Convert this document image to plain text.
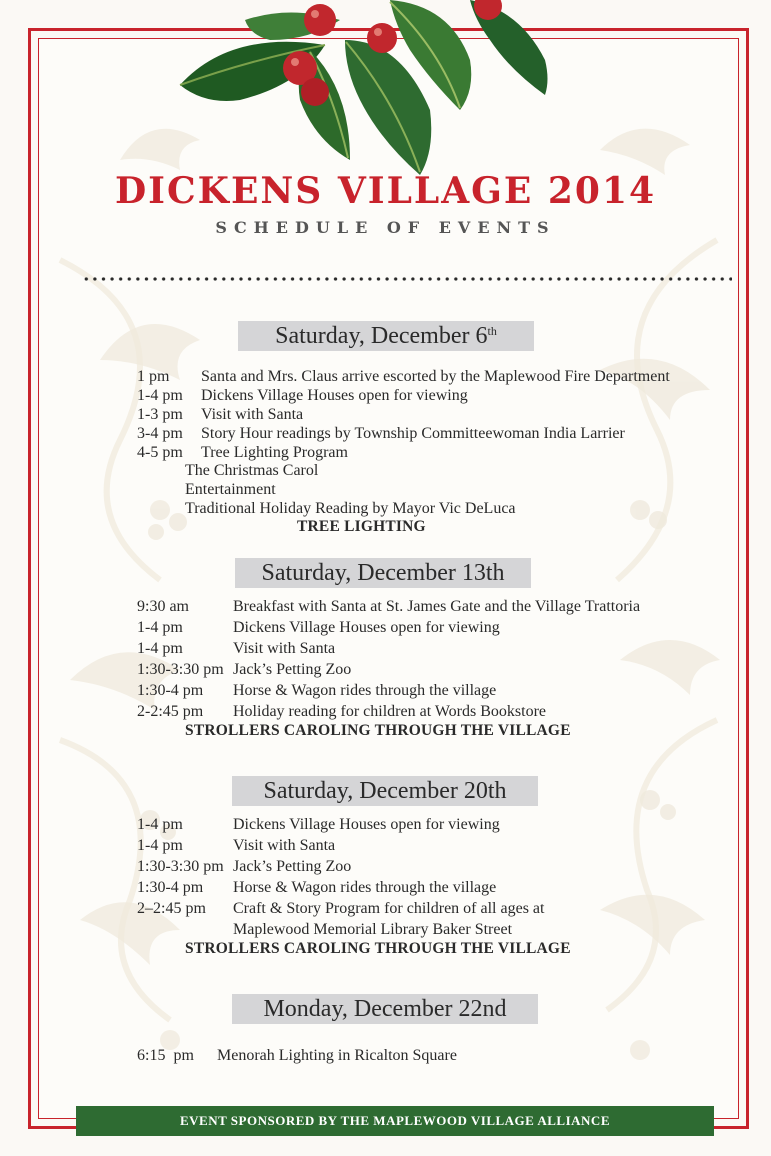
DICKENS VILLAGE 2014
SCHEDULE OF EVENTS
Saturday, December 6th
1 pm Santa and Mrs. Claus arrive escorted by the Maplewood Fire Department
1-4 pm Dickens Village Houses open for viewing
1-3 pm Visit with Santa
3-4 pm Story Hour readings by Township Committeewoman India Larrier
4-5 pm Tree Lighting Program
The Christmas Carol
Entertainment
Traditional Holiday Reading by Mayor Vic DeLuca
TREE LIGHTING
Saturday, December 13th
9:30 am	Breakfast with Santa at St. James Gate and the Village Trattoria
1-4 pm	Dickens Village Houses open for viewing
1-4 pm	Visit with Santa
1:30-3:30 pm Jack’s Petting Zoo
1:30-4 pm Horse & Wagon rides through the village
2-2:45 pm Holiday reading for children at Words Bookstore
STROLLERS CAROLING THROUGH THE VILLAGE
Saturday, December 20th
1-4 pm	Dickens Village Houses open for viewing
1-4 pm	Visit with Santa
1:30-3:30 pm Jack’s Petting Zoo
1:30-4 pm Horse & Wagon rides through the village
2–2:45 pm Craft & Story Program for children of all ages at
Maplewood Memorial Library Baker Street
STROLLERS CAROLING THROUGH THE VILLAGE
Monday, December 22nd
6:15  pm Menorah Lighting in Ricalton Square
EVENT SPONSORED BY THE MAPLEWOOD VILLAGE ALLIANCE
